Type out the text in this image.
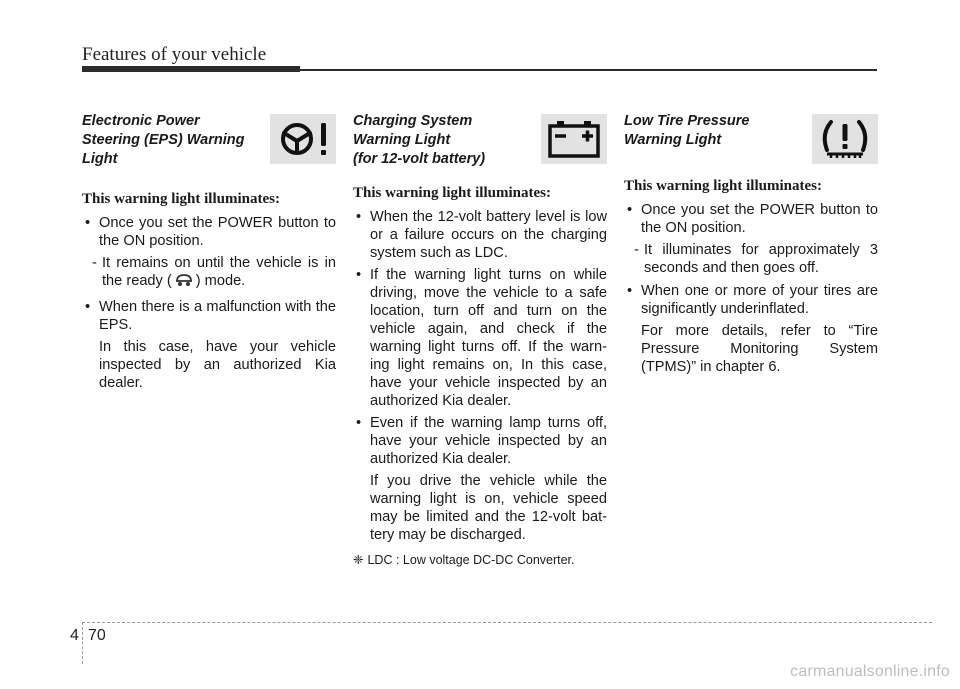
Features of your vehicle
Electronic Power
Steering (EPS) Warning
Light
This warning light illuminates:
• Once you set the POWER button to the ON position.
- It remains on until the vehicle is in the ready ( ) mode.
• When there is a malfunction with the EPS.
In this case, have your vehicle inspected by an authorized Kia dealer.
Charging System
Warning Light
(for 12-volt battery)
This warning light illuminates:
• When the 12-volt battery level is low or a failure occurs on the charging system such as LDC.
• If the warning light turns on while driving, move the vehicle to a safe location, turn off and turn on the vehicle again, and check if the warning light turns off. If the warn-ing light remains on, In this case, have your vehicle inspected by an authorized Kia dealer.
• Even if the warning lamp turns off, have your vehicle inspected by an authorized Kia dealer.
If you drive the vehicle while the warning light is on, vehicle speed may be limited and the 12-volt bat-tery may be discharged.
❈ LDC : Low voltage DC-DC Converter.
Low Tire Pressure
Warning Light
This warning light illuminates:
• Once you set the POWER button to the ON position.
- It illuminates for approximately 3 seconds and then goes off.
• When one or more of your tires are significantly underinflated.
For more details, refer to “Tire Pressure Monitoring System (TPMS)” in chapter 6.
4 70
carmanualsonline.info
